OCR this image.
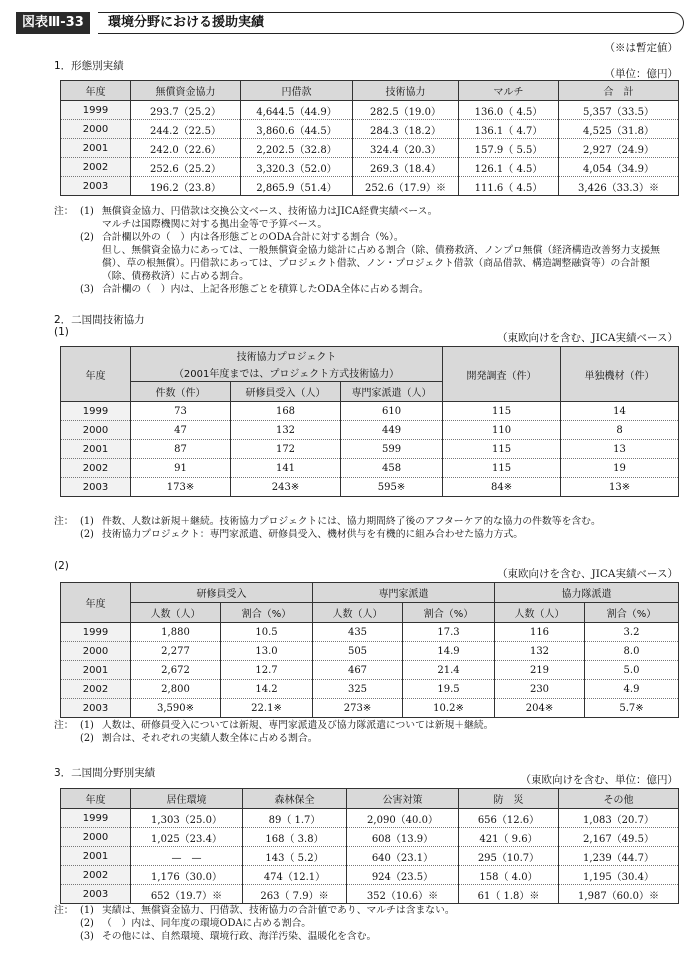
図表Ⅲ-33	環境分野における援助実績
（※は暫定値）
1．形態別実績
（単位：億円）
年度	無償資金協力	円借款	技術協力	マルチ	合　計
1999	293.7（25.2）	4,644.5（44.9）	282.5（19.0）	136.0（ 4.5）	5,357（33.5）
2000	244.2（22.5）	3,860.6（44.5）	284.3（18.2）	136.1（ 4.7）	4,525（31.8）
2001	242.0（22.6）	2,202.5（32.8）	324.4（20.3）	157.9（ 5.5）	2,927（24.9）
2002	252.6（25.2）	3,320.3（52.0）	269.3（18.4）	126.1（ 4.5）	4,054（34.9）
2003	196.2（23.8）	2,865.9（51.4）	252.6（17.9）※	111.6（ 4.5）	3,426（33.3）※
注： (1) 無償資金協力、円借款は交換公文ベース、技術協力はJICA経費実績ベース。
マルチは国際機関に対する拠出金等で予算ベース。
(2) 合計欄以外の（　）内は各形態ごとのODA合計に対する割合（%）。
但し、無償資金協力にあっては、一般無償資金協力総計に占める割合（除、債務救済、ノンプロ無償（経済構造改善努力支援無償）、草の根無償）。円借款にあっては、プロジェクト借款、ノン・プロジェクト借款（商品借款、構造調整融資等）の合計額（除、債務救済）に占める割合。
(3) 合計欄の（　）内は、上記各形態ごとを積算したODA全体に占める割合。
2．二国間技術協力
(1)	（東欧向けを含む、JICA実績ベース）
年度	技術協力プロジェクト			開発調査（件）	単独機材（件）
	（2001年度までは、プロジェクト方式技術協力）				
	件数（件）	研修員受入（人）	専門家派遣（人）		
1999	73	168	610	115	14
2000	47	132	449	110	8
2001	87	172	599	115	13
2002	91	141	458	115	19
2003	173※	243※	595※	84※	13※
注： (1) 件数、人数は新規＋継続。技術協力プロジェクトには、協力期間終了後のアフターケア的な協力の件数等を含む。
(2) 技術協力プロジェクト：専門家派遣、研修員受入、機材供与を有機的に組み合わせた協力方式。
(2)
（東欧向けを含む、JICA実績ベース）
年度	研修員受入		専門家派遣		協力隊派遣	
	人数（人）	割合（%）	人数（人）	割合（%）	人数（人）	割合（%）
1999	1,880	10.5	435	17.3	116	3.2
2000	2,277	13.0	505	14.9	132	8.0
2001	2,672	12.7	467	21.4	219	5.0
2002	2,800	14.2	325	19.5	230	4.9
2003	3,590※	22.1※	273※	10.2※	204※	5.7※
注： (1) 人数は、研修員受入については新規、専門家派遣及び協力隊派遣については新規＋継続。
(2) 割合は、それぞれの実績人数全体に占める割合。
3．二国間分野別実績
（東欧向けを含む、単位：億円）
年度	居住環境	森林保全	公害対策	防　災	その他
1999	1,303（25.0）	89（ 1.7）	2,090（40.0）	656（12.6）	1,083（20.7）
2000	1,025（23.4）	168（ 3.8）	608（13.9）	421（ 9.6）	2,167（49.5）
2001	—　—	143（ 5.2）	640（23.1）	295（10.7）	1,239（44.7）
2002	1,176（30.0）	474（12.1）	924（23.5）	158（ 4.0）	1,195（30.4）
2003	652（19.7）※	263（ 7.9）※	352（10.6）※	61（ 1.8）※	1,987（60.0）※
注： (1) 実績は、無償資金協力、円借款、技術協力の合計値であり、マルチは含まない。
(2) （　）内は、同年度の環境ODAに占める割合。
(3) その他には、自然環境、環境行政、海洋汚染、温暖化を含む。
